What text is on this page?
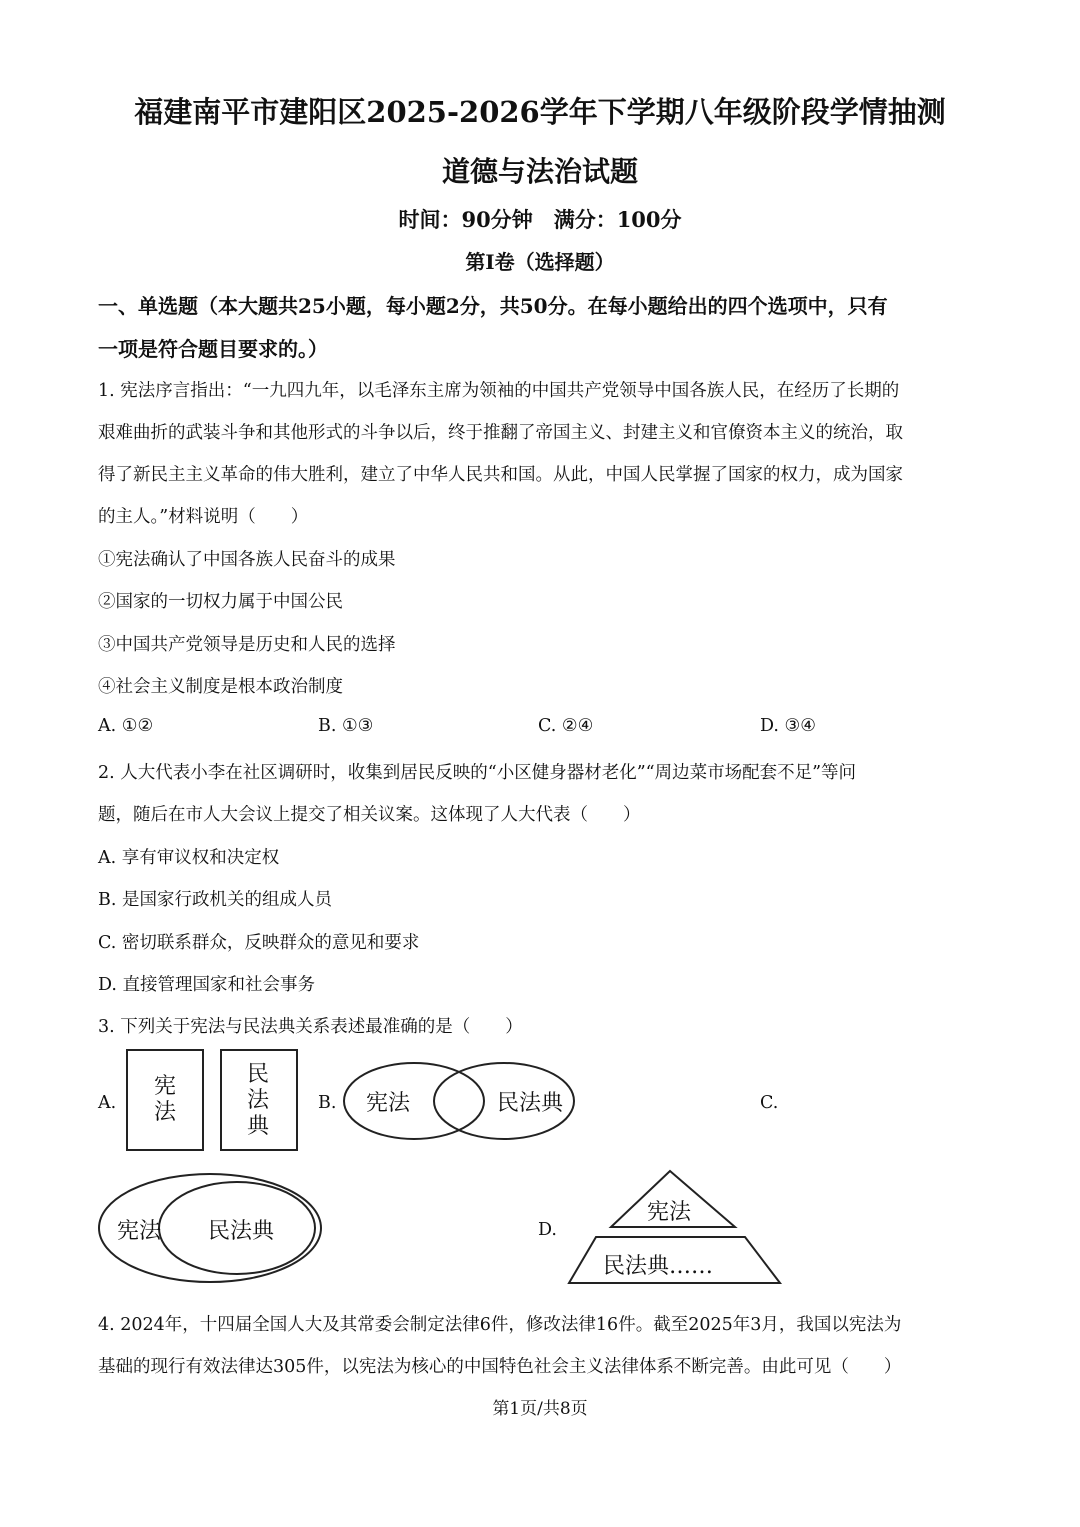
福建南平市建阳区2025-2026学年下学期八年级阶段学情抽测
道德与法治试题
时间：90分钟　满分：100分
第Ⅰ卷（选择题）
一、单选题（本大题共25小题，每小题2分，共50分。在每小题给出的四个选项中，只有
一项是符合题目要求的。）
1. 宪法序言指出：“一九四九年，以毛泽东主席为领袖的中国共产党领导中国各族人民，在经历了长期的
艰难曲折的武装斗争和其他形式的斗争以后，终于推翻了帝国主义、封建主义和官僚资本主义的统治，取
得了新民主主义革命的伟大胜利，建立了中华人民共和国。从此，中国人民掌握了国家的权力，成为国家
的主人。”材料说明（　　）
①宪法确认了中国各族人民奋斗的成果
②国家的一切权力属于中国公民
③中国共产党领导是历史和人民的选择
④社会主义制度是根本政治制度
A. ①②	B. ①③	C. ②④	D. ③④
2. 人大代表小李在社区调研时，收集到居民反映的“小区健身器材老化”“周边菜市场配套不足”等问
题，随后在市人大会议上提交了相关议案。这体现了人大代表（　　）
A. 享有审议权和决定权
B. 是国家行政机关的组成人员
C. 密切联系群众，反映群众的意见和要求
D. 直接管理国家和社会事务
3. 下列关于宪法与民法典关系表述最准确的是（　　）
A.
宪
法
民
法
典
B. 宪法	民法典	C.
宪法 民法典	D.
宪法
民法典……
4. 2024年，十四届全国人大及其常委会制定法律6件，修改法律16件。截至2025年3月，我国以宪法为
基础的现行有效法律达305件，以宪法为核心的中国特色社会主义法律体系不断完善。由此可见（　　）
第1页/共8页
